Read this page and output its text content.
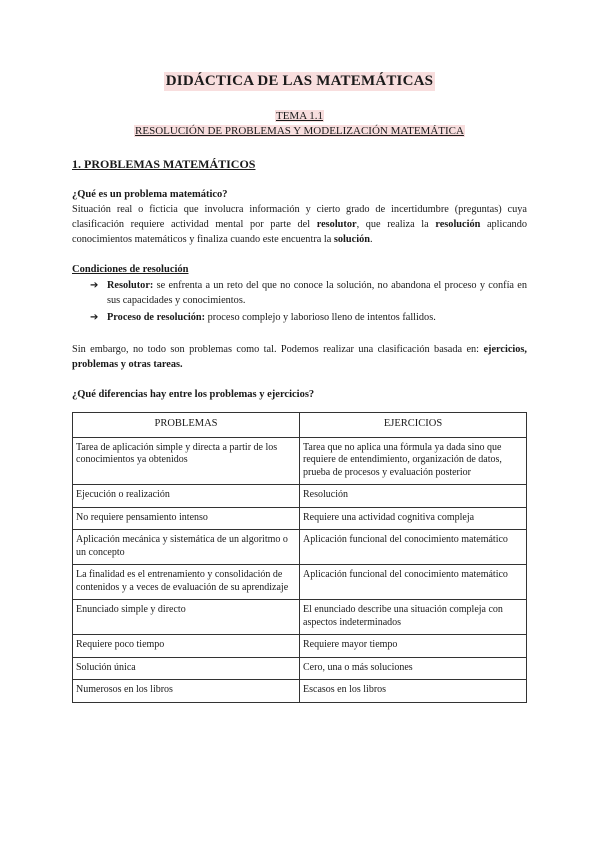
DIDÁCTICA DE LAS MATEMÁTICAS
TEMA 1.1
RESOLUCIÓN DE PROBLEMAS Y MODELIZACIÓN MATEMÁTICA
1. PROBLEMAS MATEMÁTICOS
¿Qué es un problema matemático?

Situación real o ficticia que involucra información y cierto grado de incertidumbre (preguntas) cuya clasificación requiere actividad mental por parte del resolutor, que realiza la resolución aplicando conocimientos matemáticos y finaliza cuando este encuentra la solución.

Condiciones de resolución
➔ Resolutor: se enfrenta a un reto del que no conoce la solución, no abandona el proceso y confía en sus capacidades y conocimientos.
➔ Proceso de resolución: proceso complejo y laborioso lleno de intentos fallidos.

Sin embargo, no todo son problemas como tal. Podemos realizar una clasificación basada en: ejercicios, problemas y otras tareas.

¿Qué diferencias hay entre los problemas y ejercicios?
PROBLEMAS	EJERCICIOS
Tarea de aplicación simple y directa a partir de los conocimientos ya obtenidos	Tarea que no aplica una fórmula ya dada sino que requiere de entendimiento, organización de datos, prueba de procesos y evaluación posterior
Ejecución o realización	Resolución
No requiere pensamiento intenso	Requiere una actividad cognitiva compleja
Aplicación mecánica y sistemática de un algoritmo o un concepto	Aplicación funcional del conocimiento matemático
La finalidad es el entrenamiento y consolidación de contenidos y a veces de evaluación de su aprendizaje	Aplicación funcional del conocimiento matemático
Enunciado simple y directo	El enunciado describe una situación compleja con aspectos indeterminados
Requiere poco tiempo	Requiere mayor tiempo
Solución única	Cero, una o más soluciones
Numerosos en los libros	Escasos en los libros
